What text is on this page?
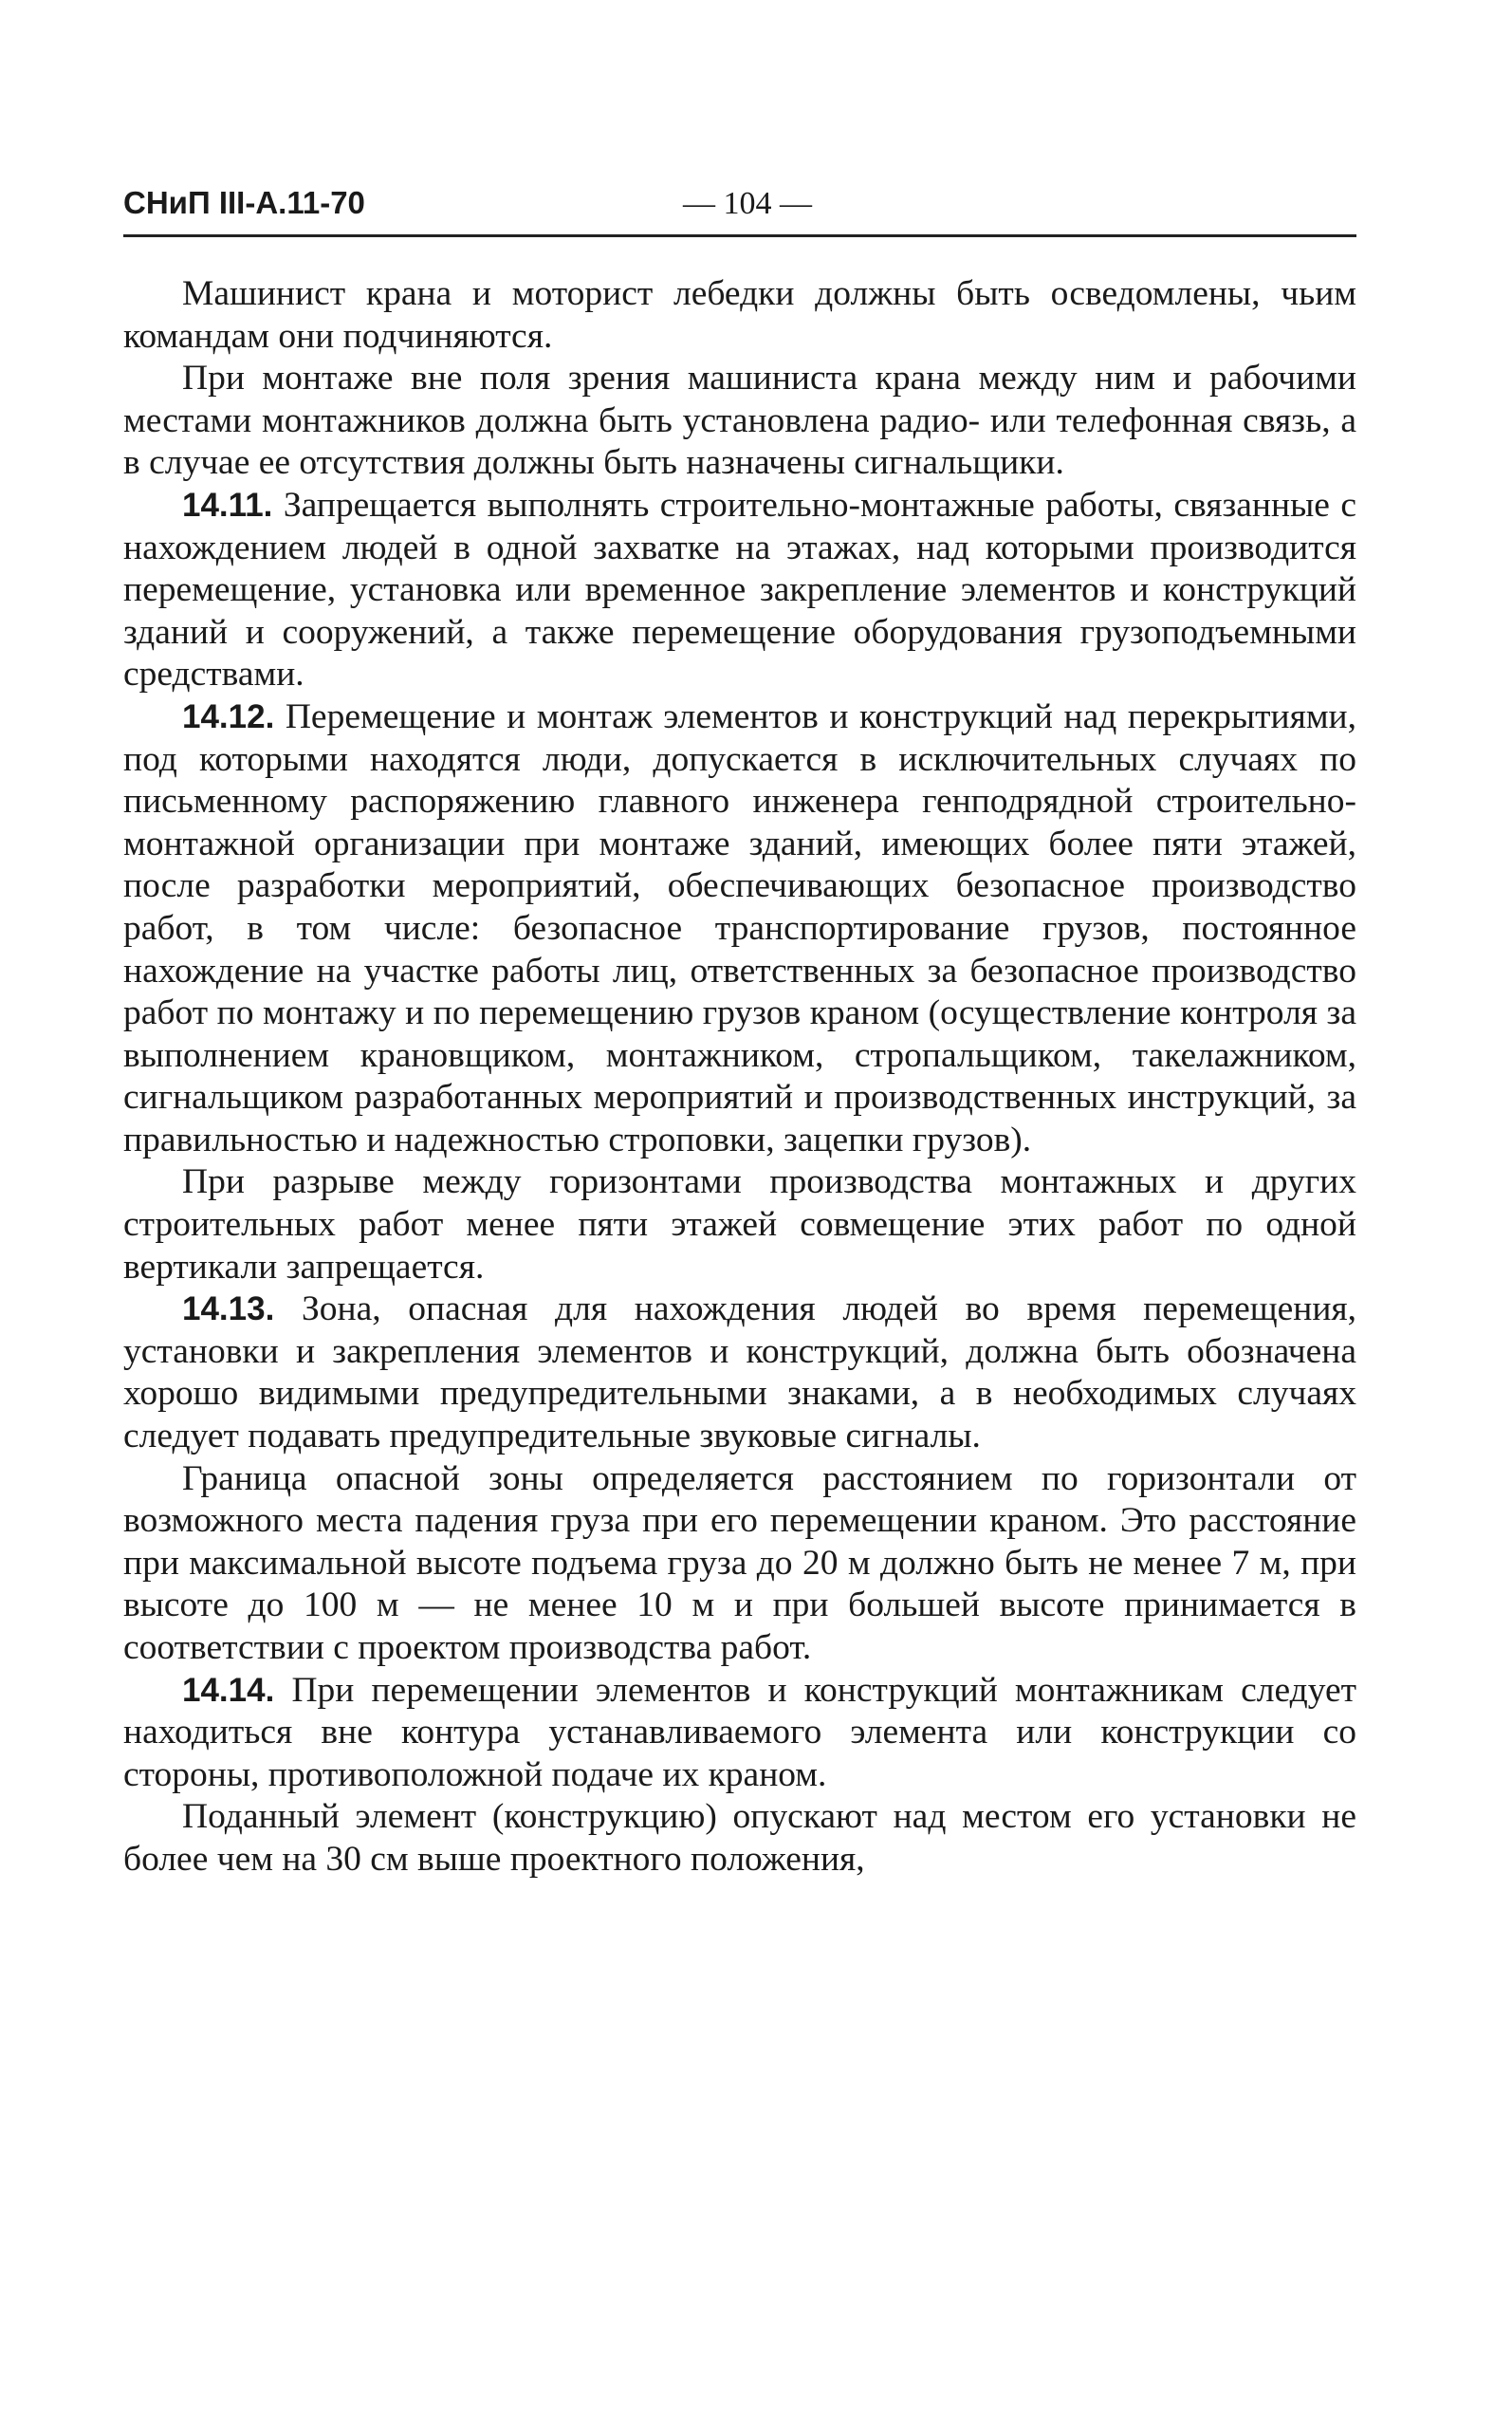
СНиП III-А.11-70	— 104 —

Машинист крана и моторист лебедки должны быть осведомлены, чьим командам они подчиняются.

При монтаже вне поля зрения машиниста крана между ним и рабочими местами монтажников должна быть установлена радио- или телефонная связь, а в случае ее отсутствия должны быть назначены сигнальщики.

14.11. Запрещается выполнять строительно-монтажные работы, связанные с нахождением людей в одной захватке на этажах, над которыми производится перемещение, установка или временное закрепление элементов и конструкций зданий и сооружений, а также перемещение оборудования грузоподъемными средствами.

14.12. Перемещение и монтаж элементов и конструкций над перекрытиями, под которыми находятся люди, допускается в исключительных случаях по письменному распоряжению главного инженера генподрядной строительно-монтажной организации при монтаже зданий, имеющих более пяти этажей, после разработки мероприятий, обеспечивающих безопасное производство работ, в том числе: безопасное транспортирование грузов, постоянное нахождение на участке работы лиц, ответственных за безопасное производство работ по монтажу и по перемещению грузов краном (осуществление контроля за выполнением крановщиком, монтажником, стропальщиком, такелажником, сигнальщиком разработанных мероприятий и производственных инструкций, за правильностью и надежностью строповки, зацепки грузов).

При разрыве между горизонтами производства монтажных и других строительных работ менее пяти этажей совмещение этих работ по одной вертикали запрещается.

14.13. Зона, опасная для нахождения людей во время перемещения, установки и закрепления элементов и конструкций, должна быть обозначена хорошо видимыми предупредительными знаками, а в необходимых случаях следует подавать предупредительные звуковые сигналы.

Граница опасной зоны определяется расстоянием по горизонтали от возможного места падения груза при его перемещении краном. Это расстояние при максимальной высоте подъема груза до 20 м должно быть не менее 7 м, при высоте до 100 м — не менее 10 м и при большей высоте принимается в соответствии с проектом производства работ.

14.14. При перемещении элементов и конструкций монтажникам следует находиться вне контура устанавливаемого элемента или конструкции со стороны, противоположной подаче их краном.

Поданный элемент (конструкцию) опускают над местом его установки не более чем на 30 см выше проектного положения,
